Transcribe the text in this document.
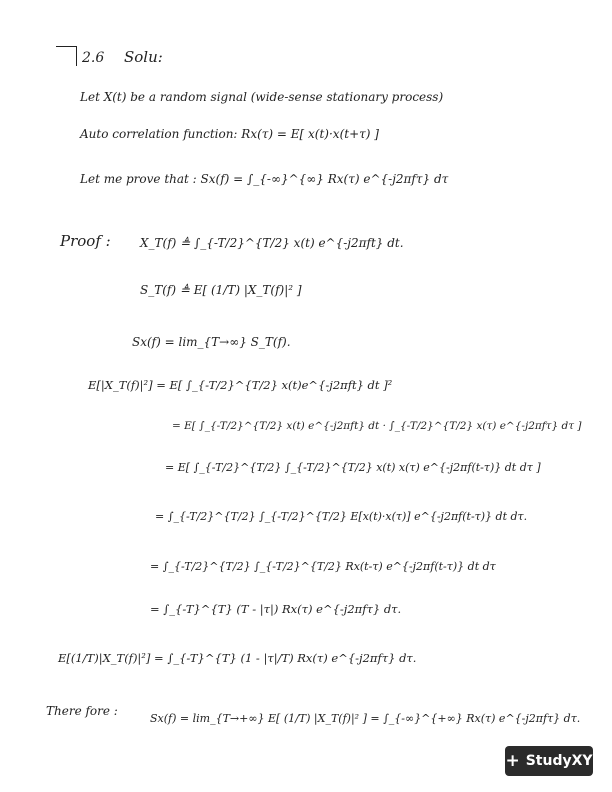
2.6 Solu:
Let X(t) be a random signal (wide-sense stationary process)
Auto correlation function: Rx(τ) = E[ x(t)·x(t+τ) ]
Let me prove that : Sx(f) = ∫_{-∞}^{∞} Rx(τ) e^{-j2πfτ} dτ
Proof : X_T(f) ≜ ∫_{-T/2}^{T/2} x(t) e^{-j2πft} dt.
S_T(f) ≜ E[ (1/T) |X_T(f)|² ]
Sx(f) = lim_{T→∞} S_T(f).
E[|X_T(f)|²] = E[ ∫_{-T/2}^{T/2} x(t)e^{-j2πft} dt ]²
= E[ ∫_{-T/2}^{T/2} x(t) e^{-j2πft} dt · ∫_{-T/2}^{T/2} x(τ) e^{-j2πfτ} dτ ]
= E[ ∫_{-T/2}^{T/2} ∫_{-T/2}^{T/2} x(t) x(τ) e^{-j2πf(t-τ)} dt dτ ]
= ∫_{-T/2}^{T/2} ∫_{-T/2}^{T/2} E[x(t)·x(τ)] e^{-j2πf(t-τ)} dt dτ.
= ∫_{-T/2}^{T/2} ∫_{-T/2}^{T/2} Rx(t-τ) e^{-j2πf(t-τ)} dt dτ
= ∫_{-T}^{T} (T - |τ|) Rx(τ) e^{-j2πfτ} dτ.
E[(1/T)|X_T(f)|²] = ∫_{-T}^{T} (1 - |τ|/T) Rx(τ) e^{-j2πfτ} dτ.
There fore :
Sx(f) = lim_{T→+∞} E[ (1/T) |X_T(f)|² ] = ∫_{-∞}^{+∞} Rx(τ) e^{-j2πfτ} dτ.
+ StudyXY
